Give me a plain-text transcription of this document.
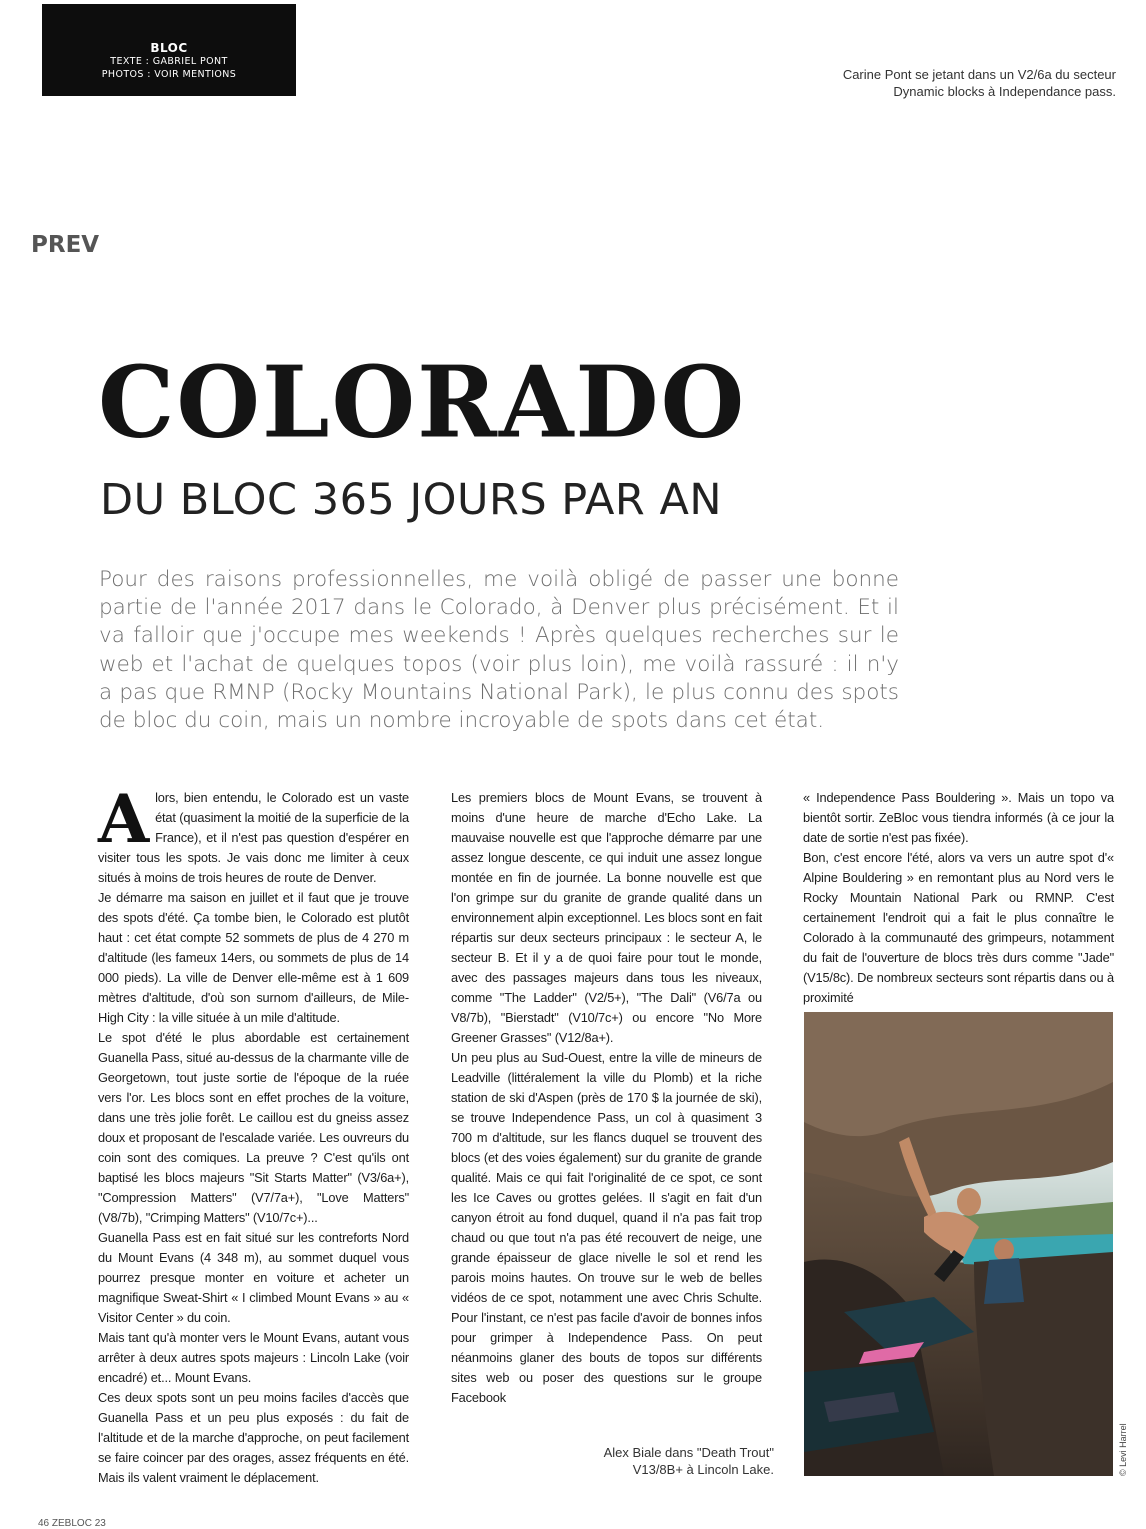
BLOC
TEXTE : GABRIEL PONT
PHOTOS : VOIR MENTIONS	Carine Pont se jetant dans un V2/6a du secteur
Dynamic blocks à Independance pass.
PREV
COLORADO
DU BLOC 365 JOURS PAR AN

Pour des raisons professionnelles, me voilà obligé de passer une bonne partie de l'année 2017 dans le Colorado, à Denver plus précisément. Et il va falloir que j'occupe mes weekends ! Après quelques recherches sur le web et l'achat de quelques topos (voir plus loin), me voilà rassuré : il n'y a pas que RMNP (Rocky Mountains National Park), le plus connu des spots de bloc du coin, mais un nombre incroyable de spots dans cet état.

Alors, bien entendu, le Colorado est un vaste état (quasiment la moitié de la superficie de la France), et il n'est pas question d'espérer en visiter tous les spots. Je vais donc me limiter à ceux situés à moins de trois heures de route de Denver.

Je démarre ma saison en juillet et il faut que je trouve des spots d'été. Ça tombe bien, le Colorado est plutôt haut : cet état compte 52 sommets de plus de 4 270 m d'altitude (les fameux 14ers, ou sommets de plus de 14 000 pieds). La ville de Denver elle-même est à 1 609 mètres d'altitude, d'où son surnom d'ailleurs, de Mile-High City : la ville située à un mile d'altitude.

Le spot d'été le plus abordable est certainement Guanella Pass, situé au-dessus de la charmante ville de Georgetown, tout juste sortie de l'époque de la ruée vers l'or. Les blocs sont en effet proches de la voiture, dans une très jolie forêt. Le caillou est du gneiss assez doux et proposant de l'escalade variée. Les ouvreurs du coin sont des comiques. La preuve ? C'est qu'ils ont baptisé les blocs majeurs "Sit Starts Matter" (V3/6a+), "Compression Matters" (V7/7a+), "Love Matters" (V8/7b), "Crimping Matters" (V10/7c+)...

Guanella Pass est en fait situé sur les contreforts Nord du Mount Evans (4 348 m), au sommet duquel vous pourrez presque monter en voiture et acheter un magnifique Sweat-Shirt « I climbed Mount Evans » au « Visitor Center » du coin.

Mais tant qu'à monter vers le Mount Evans, autant vous arrêter à deux autres spots majeurs : Lincoln Lake (voir encadré) et... Mount Evans.

Ces deux spots sont un peu moins faciles d'accès que Guanella Pass et un peu plus exposés : du fait de l'altitude et de la marche d'approche, on peut facilement se faire coincer par des orages, assez fréquents en été. Mais ils valent vraiment le déplacement.

Les premiers blocs de Mount Evans, se trouvent à moins d'une heure de marche d'Echo Lake. La mauvaise nouvelle est que l'approche démarre par une assez longue descente, ce qui induit une assez longue montée en fin de journée. La bonne nouvelle est que l'on grimpe sur du granite de grande qualité dans un environnement alpin exceptionnel. Les blocs sont en fait répartis sur deux secteurs principaux : le secteur A, le secteur B. Et il y a de quoi faire pour tout le monde, avec des passages majeurs dans tous les niveaux, comme "The Ladder" (V2/5+), "The Dali" (V6/7a ou V8/7b), "Bierstadt" (V10/7c+) ou encore "No More Greener Grasses" (V12/8a+).

Un peu plus au Sud-Ouest, entre la ville de mineurs de Leadville (littéralement la ville du Plomb) et la riche station de ski d'Aspen (près de 170 $ la journée de ski), se trouve Independence Pass, un col à quasiment 3 700 m d'altitude, sur les flancs duquel se trouvent des blocs (et des voies également) sur du granite de grande qualité. Mais ce qui fait l'originalité de ce spot, ce sont les Ice Caves ou grottes gelées. Il s'agit en fait d'un canyon étroit au fond duquel, quand il n'a pas fait trop chaud ou que tout n'a pas été recouvert de neige, une grande épaisseur de glace nivelle le sol et rend les parois moins hautes. On trouve sur le web de belles vidéos de ce spot, notamment une avec Chris Schulte. Pour l'instant, ce n'est pas facile d'avoir de bonnes infos pour grimper à Independence Pass. On peut néanmoins glaner des bouts de topos sur différents sites web ou poser des questions sur le groupe Facebook

« Independence Pass Bouldering ». Mais un topo va bientôt sortir. ZeBloc vous tiendra informés (à ce jour la date de sortie n'est pas fixée).

Bon, c'est encore l'été, alors va vers un autre spot d'« Alpine Bouldering » en remontant plus au Nord vers le Rocky Mountain National Park ou RMNP. C'est certainement l'endroit qui a fait le plus connaître le Colorado à la communauté des grimpeurs, notamment du fait de l'ouverture de blocs très durs comme "Jade" (V15/8c). De nombreux secteurs sont répartis dans ou à proximité

© Levi Harrel
Alex Biale dans "Death Trout"
V13/8B+ à Lincoln Lake.
46 ZEBLOC 23
